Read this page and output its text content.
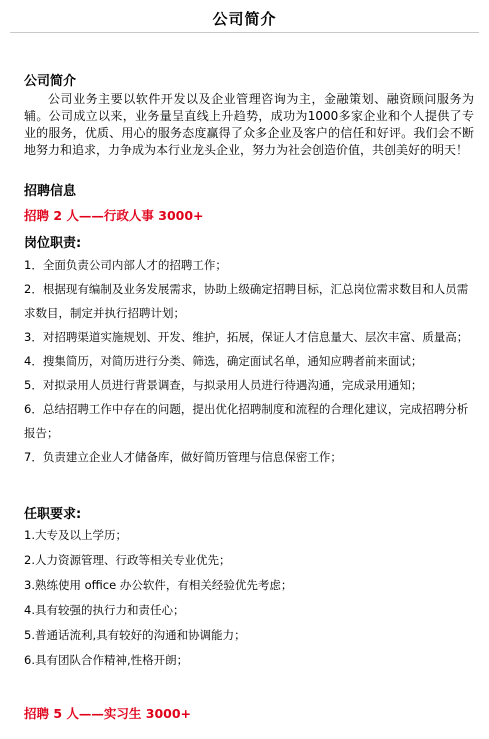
公司简介
公司简介

公司业务主要以软件开发以及企业管理咨询为主，金融策划、融资顾问服务为辅。公司成立以来，业务量呈直线上升趋势，成功为1000多家企业和个人提供了专业的服务，优质、用心的服务态度赢得了众多企业及客户的信任和好评。我们会不断地努力和追求，力争成为本行业龙头企业，努力为社会创造价值，共创美好的明天！

招聘信息
招聘 2 人——行政人事 3000+
岗位职责:
1．全面负责公司内部人才的招聘工作；
2．根据现有编制及业务发展需求，协助上级确定招聘目标，汇总岗位需求数目和人员需求数目，制定并执行招聘计划；
3．对招聘渠道实施规划、开发、维护，拓展，保证人才信息量大、层次丰富、质量高；
4．搜集简历，对简历进行分类、筛选，确定面试名单，通知应聘者前来面试；
5．对拟录用人员进行背景调查，与拟录用人员进行待遇沟通，完成录用通知；
6．总结招聘工作中存在的问题，提出优化招聘制度和流程的合理化建议，完成招聘分析报告；
7．负责建立企业人才储备库，做好简历管理与信息保密工作；
任职要求:
1.大专及以上学历；
2.人力资源管理、行政等相关专业优先；
3.熟练使用 office 办公软件，有相关经验优先考虑；
4.具有较强的执行力和责任心；
5.普通话流利,具有较好的沟通和协调能力；
6.具有团队合作精神,性格开朗；
招聘 5 人——实习生 3000+
